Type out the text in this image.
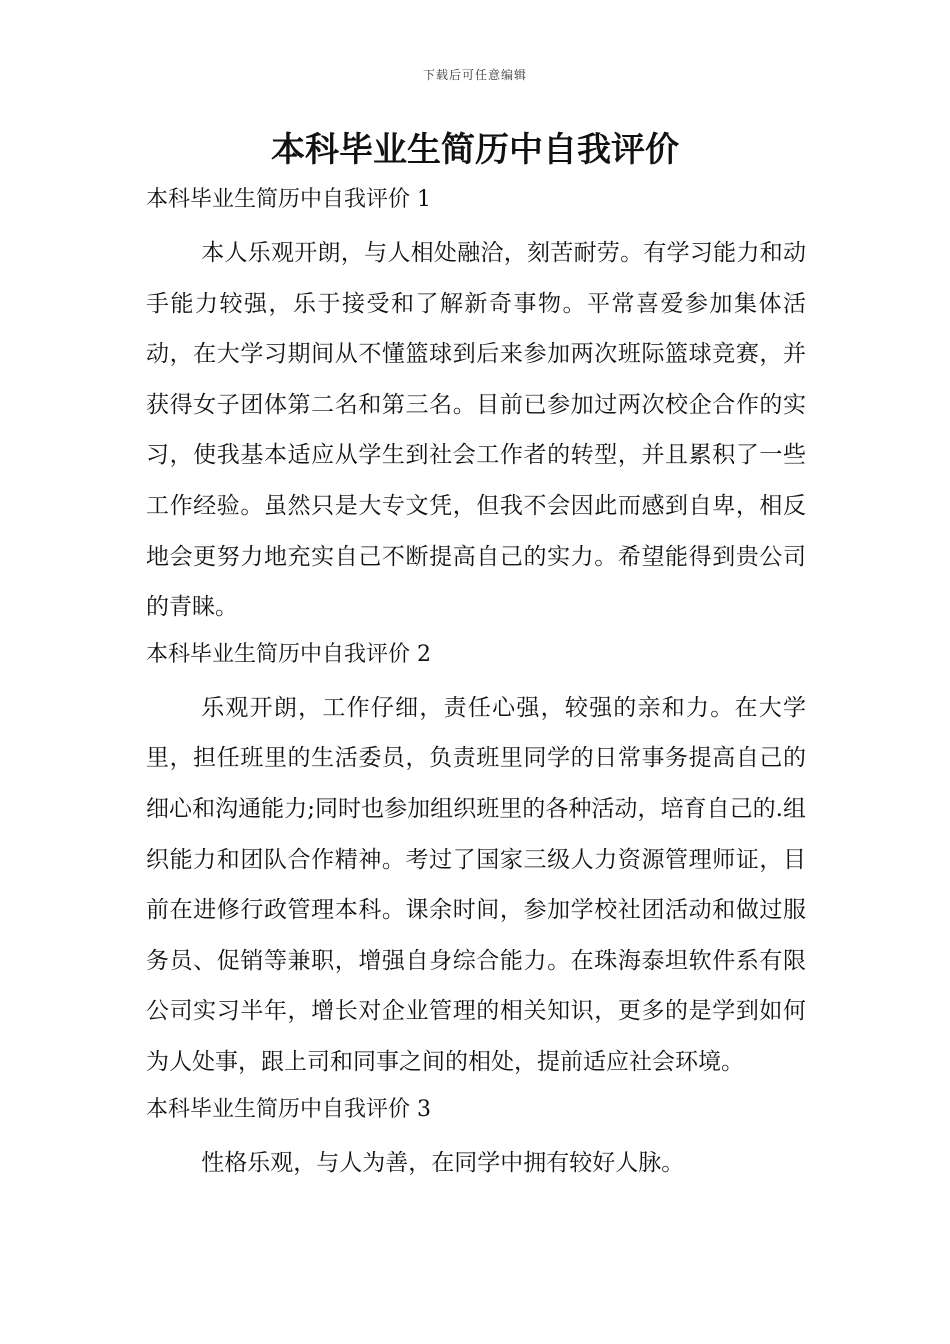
下载后可任意编辑
本科毕业生简历中自我评价
本科毕业生简历中自我评价 1

本人乐观开朗，与人相处融洽，刻苦耐劳。有学习能力和动手能力较强，乐于接受和了解新奇事物。平常喜爱参加集体活动，在大学习期间从不懂篮球到后来参加两次班际篮球竞赛，并获得女子团体第二名和第三名。目前已参加过两次校企合作的实习，使我基本适应从学生到社会工作者的转型，并且累积了一些工作经验。虽然只是大专文凭，但我不会因此而感到自卑，相反地会更努力地充实自己不断提高自己的实力。希望能得到贵公司的青睐。

本科毕业生简历中自我评价 2

乐观开朗，工作仔细，责任心强，较强的亲和力。在大学里，担任班里的生活委员，负责班里同学的日常事务提高自己的细心和沟通能力;同时也参加组织班里的各种活动，培育自己的.组织能力和团队合作精神。考过了国家三级人力资源管理师证，目前在进修行政管理本科。课余时间，参加学校社团活动和做过服务员、促销等兼职，增强自身综合能力。在珠海泰坦软件系有限公司实习半年，增长对企业管理的相关知识，更多的是学到如何为人处事，跟上司和同事之间的相处，提前适应社会环境。

本科毕业生简历中自我评价 3

性格乐观，与人为善，在同学中拥有较好人脉。
